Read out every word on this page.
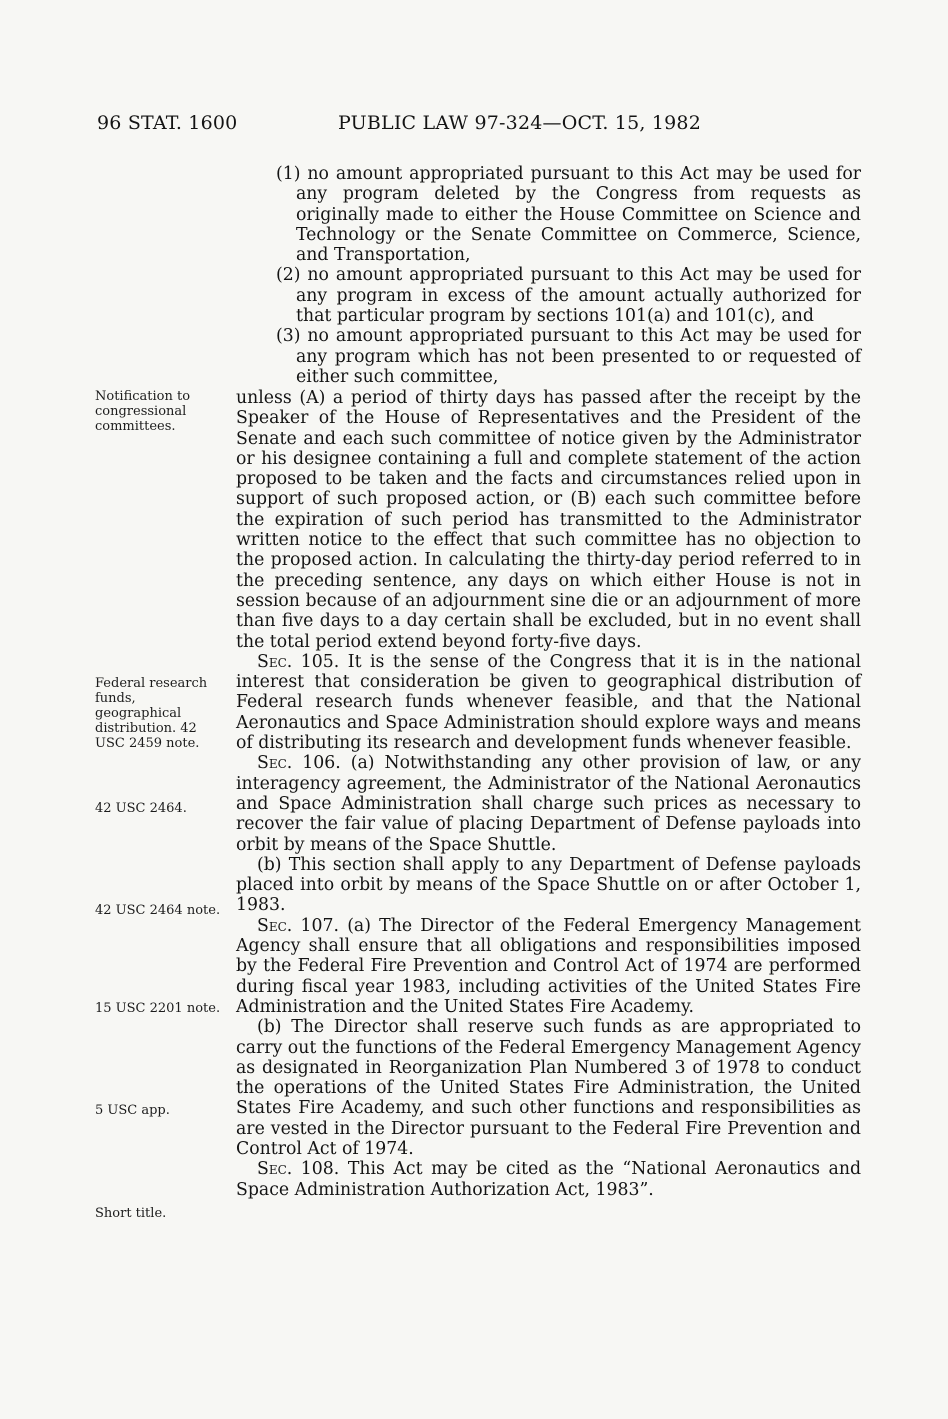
96 STAT. 1600	PUBLIC LAW 97-324—OCT. 15, 1982
Notification to congressional committees.
Federal research funds, geographical distribution. 42 USC 2459 note.
42 USC 2464.
42 USC 2464 note.
15 USC 2201 note.
5 USC app.
Short title.

(1) no amount appropriated pursuant to this Act may be used for any program deleted by the Congress from requests as originally made to either the House Committee on Science and Technology or the Senate Committee on Commerce, Science, and Transportation,

(2) no amount appropriated pursuant to this Act may be used for any program in excess of the amount actually authorized for that particular program by sections 101(a) and 101(c), and

(3) no amount appropriated pursuant to this Act may be used for any program which has not been presented to or requested of either such committee,

unless (A) a period of thirty days has passed after the receipt by the Speaker of the House of Representatives and the President of the Senate and each such committee of notice given by the Administrator or his designee containing a full and complete statement of the action proposed to be taken and the facts and circumstances relied upon in support of such proposed action, or (B) each such committee before the expiration of such period has transmitted to the Administrator written notice to the effect that such committee has no objection to the proposed action. In calculating the thirty-day period referred to in the preceding sentence, any days on which either House is not in session because of an adjournment sine die or an adjournment of more than five days to a day certain shall be excluded, but in no event shall the total period extend beyond forty-five days.

Sec. 105. It is the sense of the Congress that it is in the national interest that consideration be given to geographical distribution of Federal research funds whenever feasible, and that the National Aeronautics and Space Administration should explore ways and means of distributing its research and development funds whenever feasible.

Sec. 106. (a) Notwithstanding any other provision of law, or any interagency agreement, the Administrator of the National Aeronautics and Space Administration shall charge such prices as necessary to recover the fair value of placing Department of Defense payloads into orbit by means of the Space Shuttle.

(b) This section shall apply to any Department of Defense payloads placed into orbit by means of the Space Shuttle on or after October 1, 1983.

Sec. 107. (a) The Director of the Federal Emergency Management Agency shall ensure that all obligations and responsibilities imposed by the Federal Fire Prevention and Control Act of 1974 are performed during fiscal year 1983, including activities of the United States Fire Administration and the United States Fire Academy.

(b) The Director shall reserve such funds as are appropriated to carry out the functions of the Federal Emergency Management Agency as designated in Reorganization Plan Numbered 3 of 1978 to conduct the operations of the United States Fire Administration, the United States Fire Academy, and such other functions and responsibilities as are vested in the Director pursuant to the Federal Fire Prevention and Control Act of 1974.

Sec. 108. This Act may be cited as the “National Aeronautics and Space Administration Authorization Act, 1983”.
